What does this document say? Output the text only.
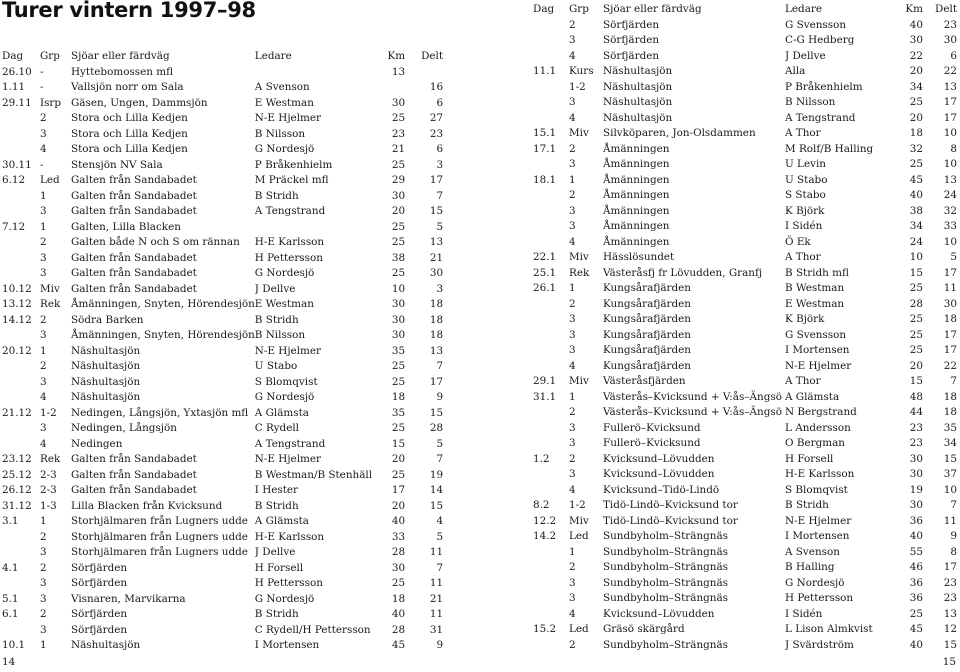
Turer vintern 1997–98
Dag	Grp	Sjöar eller färdväg	Ledare	Km	Delt
26.10	-	Hyttebomossen mfl		13	
1.11	-	Vallsjön norr om Sala	A Svenson		16
29.11	Isrp	Gäsen, Ungen, Dammsjön	E Westman	30	6
	2	Stora och Lilla Kedjen	N-E Hjelmer	25	27
	3	Stora och Lilla Kedjen	B Nilsson	23	23
	4	Stora och Lilla Kedjen	G Nordesjö	21	6
30.11	-	Stensjön NV Sala	P Bråkenhielm	25	3
6.12	Led	Galten från Sandabadet	M Präckel mfl	29	17
	1	Galten från Sandabadet	B Stridh	30	7
	3	Galten från Sandabadet	A Tengstrand	20	15
7.12	1	Galten, Lilla Blacken		25	5
	2	Galten både N och S om rännan	H-E Karlsson	25	13
	3	Galten från Sandabadet	H Pettersson	38	21
	3	Galten från Sandabadet	G Nordesjö	25	30
10.12	Miv	Galten från Sandabadet	J Dellve	10	3
13.12	Rek	Åmänningen, Snyten, Hörendesjön	E Westman	30	18
14.12	2	Södra Barken	B Stridh	30	18
	3	Åmänningen, Snyten, Hörendesjön	B Nilsson	30	18
20.12	1	Näshultasjön	N-E Hjelmer	35	13
	2	Näshultasjön	U Stabo	25	7
	3	Näshultasjön	S Blomqvist	25	17
	4	Näshultasjön	G Nordesjö	18	9
21.12	1-2	Nedingen, Långsjön, Yxtasjön mfl	A Glämsta	35	15
	3	Nedingen, Långsjön	C Rydell	25	28
	4	Nedingen	A Tengstrand	15	5
23.12	Rek	Galten från Sandabadet	N-E Hjelmer	20	7
25.12	2-3	Galten från Sandabadet	B Westman/B Stenhäll	25	19
26.12	2-3	Galten från Sandabadet	I Hester	17	14
31.12	1-3	Lilla Blacken från Kvicksund	B Stridh	20	15
3.1	1	Storhjälmaren från Lugners udde	A Glämsta	40	4
	2	Storhjälmaren från Lugners udde	H-E Karlsson	33	5
	3	Storhjälmaren från Lugners udde	J Dellve	28	11
4.1	2	Sörfjärden	H Forsell	30	7
	3	Sörfjärden	H Pettersson	25	11
5.1	3	Visnaren, Marvikarna	G Nordesjö	18	21
6.1	2	Sörfjärden	B Stridh	40	11
	3	Sörfjärden	C Rydell/H Pettersson	28	31
10.1	1	Näshultasjön	I Mortensen	45	9
Dag	Grp	Sjöar eller färdväg	Ledare	Km	Delt
	2	Sörfjärden	G Svensson	40	23
	3	Sörfjärden	C-G Hedberg	30	30
	4	Sörfjärden	J Dellve	22	6
11.1	Kurs	Näshultasjön	Alla	20	22
	1-2	Näshultasjön	P Bråkenhielm	34	13
	3	Näshultasjön	B Nilsson	25	17
	4	Näshultasjön	A Tengstrand	20	17
15.1	Miv	Silvköparen, Jon-Olsdammen	A Thor	18	10
17.1	2	Åmänningen	M Rolf/B Halling	32	8
	3	Åmänningen	U Levin	25	10
18.1	1	Åmänningen	U Stabo	45	13
	2	Åmänningen	S Stabo	40	24
	3	Åmänningen	K Björk	38	32
	3	Åmänningen	I Sidén	34	33
	4	Åmänningen	Ö Ek	24	10
22.1	Miv	Hässlösundet	A Thor	10	5
25.1	Rek	Västeråsfj fr Lövudden, Granfj	B Stridh mfl	15	17
26.1	1	Kungsårafjärden	B Westman	25	11
	2	Kungsårafjärden	E Westman	28	30
	3	Kungsårafjärden	K Björk	25	18
	3	Kungsårafjärden	G Svensson	25	17
	3	Kungsårafjärden	I Mortensen	25	17
	4	Kungsårafjärden	N-E Hjelmer	20	22
29.1	Miv	Västeråsfjärden	A Thor	15	7
31.1	1	Västerås–Kvicksund + V:ås–Ängsö	A Glämsta	48	18
	2	Västerås–Kvicksund + V:ås–Ängsö	N Bergstrand	44	18
	3	Fullerö–Kvicksund	L Andersson	23	35
	3	Fullerö–Kvicksund	O Bergman	23	34
1.2	2	Kvicksund–Lövudden	H Forsell	30	15
	3	Kvicksund–Lövudden	H-E Karlsson	30	37
	4	Kvicksund–Tidö-Lindö	S Blomqvist	19	10
8.2	1-2	Tidö-Lindö–Kvicksund tor	B Stridh	30	7
12.2	Miv	Tidö-Lindö–Kvicksund tor	N-E Hjelmer	36	11
14.2	Led	Sundbyholm–Strängnäs	I Mortensen	40	9
	1	Sundbyholm–Strängnäs	A Svenson	55	8
	2	Sundbyholm–Strängnäs	B Halling	46	17
	3	Sundbyholm–Strängnäs	G Nordesjö	36	23
	3	Sundbyholm–Strängnäs	H Pettersson	36	23
	4	Kvicksund–Lövudden	I Sidén	25	13
15.2	Led	Gräsö skärgård	L Lison Almkvist	45	12
	2	Sundbyholm–Strängnäs	J Svärdström	40	15
14	15
